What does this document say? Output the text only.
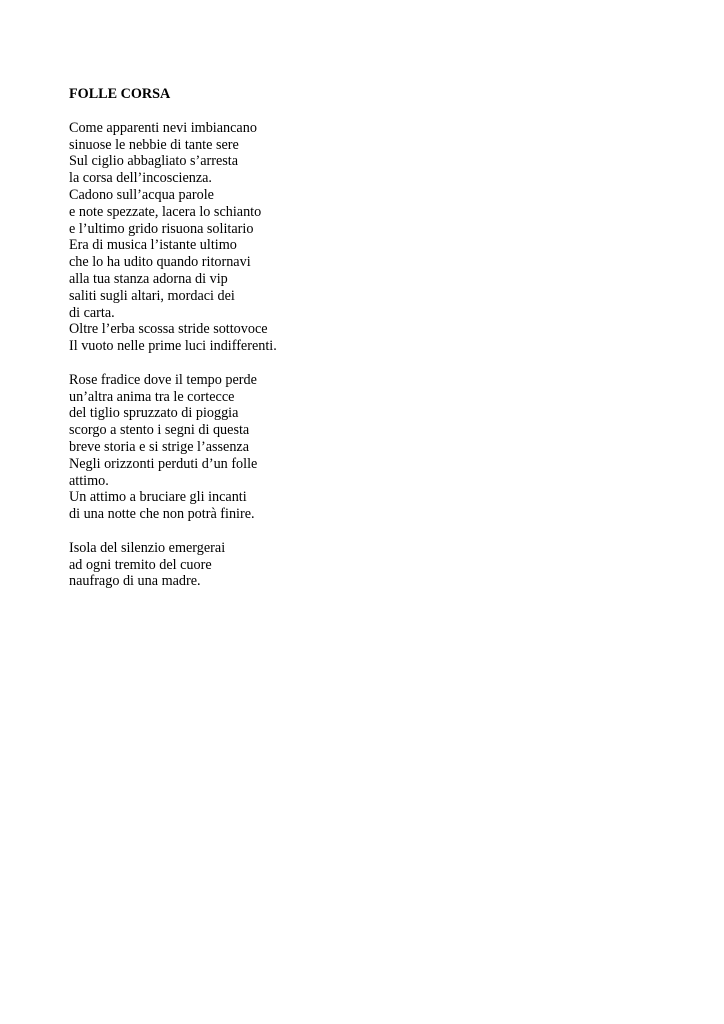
FOLLE CORSA
Come apparenti nevi imbiancano
sinuose le nebbie di tante sere
Sul ciglio abbagliato s’arresta
la corsa dell’incoscienza.
Cadono sull’acqua parole
e note spezzate, lacera lo schianto
e l’ultimo grido risuona solitario
Era di musica l’istante ultimo
che lo ha udito quando ritornavi
alla tua stanza adorna di vip
saliti sugli altari, mordaci dei
di carta.
Oltre l’erba scossa stride sottovoce
Il vuoto nelle prime luci indifferenti.
Rose fradice dove il tempo perde
un’altra anima tra le cortecce
del tiglio spruzzato di pioggia
scorgo a stento i segni di questa
breve storia e si strige l’assenza
Negli orizzonti perduti d’un folle
attimo.
Un attimo a bruciare gli incanti
di una notte che non potrà finire.
Isola del silenzio emergerai
ad ogni tremito del cuore
naufrago di una madre.
